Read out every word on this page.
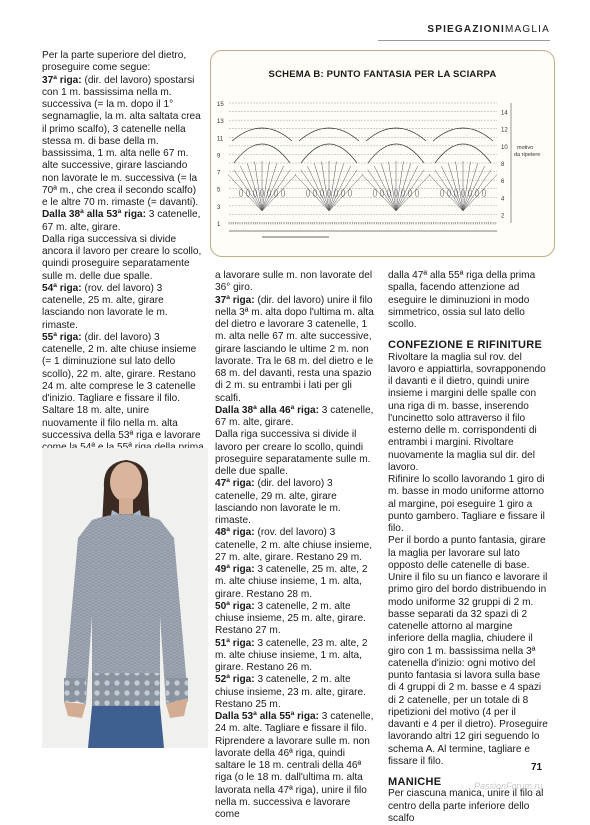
SPIEGAZIONIMAGLIA

Per la parte superiore del dietro, proseguire come segue:

37ª riga: (dir. del lavoro) spostarsi con 1 m. bassissima nella m. successiva (= la m. dopo il 1° segnamaglie, la m. alta saltata crea il primo scalfo), 3 catenelle nella stessa m. di base della m. bassissima, 1 m. alta nelle 67 m. alte successive, girare lasciando non lavorate le m. successiva (= la 70ª m., che crea il secondo scalfo) e le altre 70 m. rimaste (= davanti).

Dalla 38ª alla 53ª riga: 3 catenelle, 67 m. alte, girare.

Dalla riga successiva si divide ancora il lavoro per creare lo scollo, quindi proseguire separatamente sulle m. delle due spalle.

54ª riga: (rov. del lavoro) 3 catenelle, 25 m. alte, girare lasciando non lavorate le m. rimaste.

55ª riga: (dir. del lavoro) 3 catenelle, 2 m. alte chiuse insieme (= 1 diminuzione sul lato dello scollo), 22 m. alte, girare. Restano 24 m. alte comprese le 3 catenelle d'inizio. Tagliare e fissare il filo.

Saltare 18 m. alte, unire nuovamente il filo nella m. alta successiva della 53ª riga e lavorare

SCHEMA B: PUNTO FANTASIA PER LA SCIARPA
15
13
11
9
7
5
3
1
14
12
10
8
6
4
2
motivo
da ripetere

a lavorare sulle m. non lavorate del 36° giro.

37ª riga: (dir. del lavoro) unire il filo nella 3ª m. alta dopo l'ultima m. alta del dietro e lavorare 3 catenelle, 1 m. alta nelle 67 m. alte successive, girare lasciando le ultime 2 m. non lavorate. Tra le 68 m. del dietro e le 68 m. del davanti, resta una spazio di 2 m. su entrambi i lati per gli scalfi.

Dalla 38ª alla 46ª riga: 3 catenelle, 67 m. alte, girare.

Dalla riga successiva si divide il lavoro per creare lo scollo, quindi proseguire separatamente sulle m. delle due spalle.

47ª riga: (dir. del lavoro) 3 catenelle, 29 m. alte, girare lasciando non lavorate le m. rimaste.

48ª riga: (rov. del lavoro) 3 catenelle, 2 m. alte chiuse insieme, 27 m. alte, girare. Restano 29 m.

49ª riga: 3 catenelle, 25 m. alte, 2 m. alte chiuse insieme, 1 m. alta, girare. Restano 28 m.

50ª riga: 3 catenelle, 2 m. alte chiuse insieme, 25 m. alte, girare. Restano 27 m.

51ª riga: 3 catenelle, 23 m. alte, 2 m. alte chiuse insieme, 1 m. alta, girare. Restano 26 m.

52ª riga: 3 catenelle, 2 m. alte chiuse insieme, 23 m. alte, girare. Restano 25 m.

Dalla 53ª alla 55ª riga: 3 catenelle, 24 m. alte. Tagliare e fissare il filo.

Riprendere a lavorare sulle m. non lavorate della 46ª riga, quindi saltare le 18 m. centrali della 46ª riga (o le 18 m. dall'ultima m. alta lavorata nella 47ª riga), unire il filo nella m. successiva e lavorare come

dalla 47ª alla 55ª riga della prima spalla, facendo attenzione ad eseguire le diminuzioni in modo simmetrico, ossia sul lato dello scollo.

CONFEZIONE E RIFINITURE

Rivoltare la maglia sul rov. del lavoro e appiattirla, sovrapponendo il davanti e il dietro, quindi unire insieme i margini delle spalle con una riga di m. basse, inserendo l'uncinetto solo attraverso il filo esterno delle m. corrispondenti di entrambi i margini. Rivoltare nuovamente la maglia sul dir. del lavoro.

Rifinire lo scollo lavorando 1 giro di m. basse in modo uniforme attorno al margine, poi eseguire 1 giro a punto gambero. Tagliare e fissare il filo.

Per il bordo a punto fantasia, girare la maglia per lavorare sul lato opposto delle catenelle di base. Unire il filo su un fianco e lavorare il primo giro del bordo distribuendo in modo uniforme 32 gruppi di 2 m. basse separati da 32 spazi di 2 catenelle attorno al margine inferiore della maglia, chiudere il giro con 1 m. bassissima nella 3ª catenella d'inizio: ogni motivo del punto fantasia si lavora sulla base di 4 gruppi di 2 m. basse e 4 spazi di 2 catenelle, per un totale di 8 ripetizioni del motivo (4 per il davanti e 4 per il dietro). Proseguire lavorando altri 12 giri seguendo lo schema A. Al termine, tagliare e fissare il filo.

MANICHE

Per ciascuna manica, unire il filo al centro della parte inferiore dello scalfo

71
PassionForum.ru
